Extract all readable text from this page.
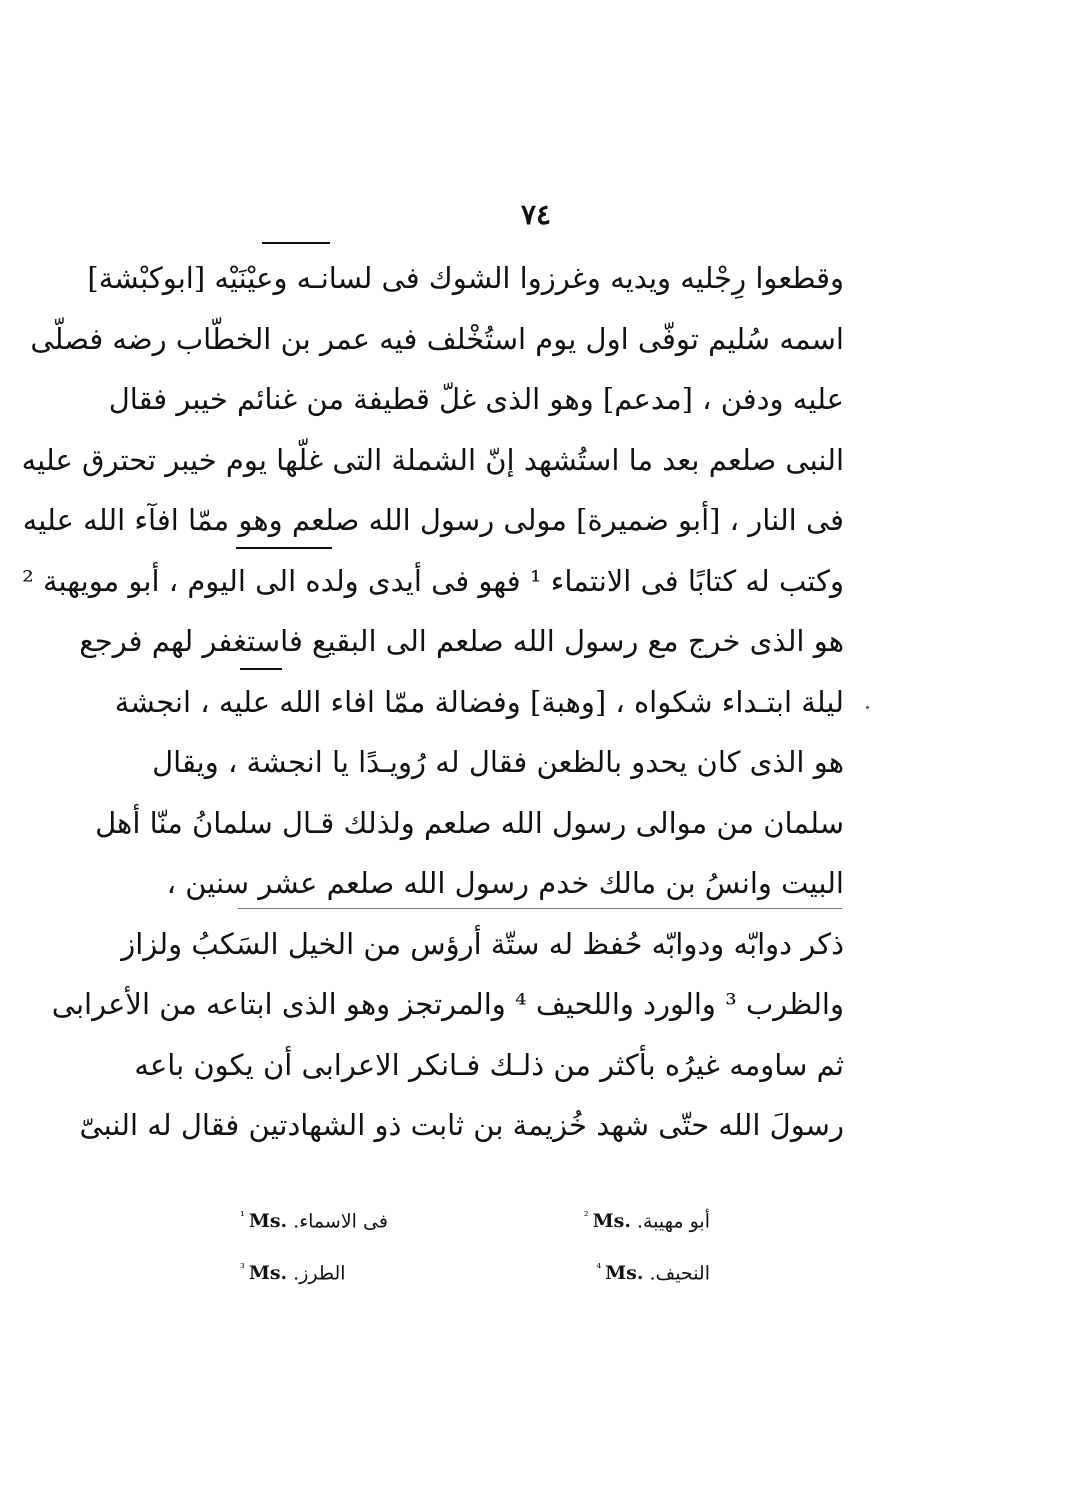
٧٤
وقطعوا رِجْليه ويديه وغرزوا الشوك فى لسانـه وعيْنَيْه [ابوكبْشة]
اسمه سُليم توفّى اول يوم استُخْلف فيه عمر بن الخطّاب رضه فصلّى
عليه ودفن ، [مدعم] وهو الذى غلّ قطيفة من غنائم خيبر فقال
النبى صلعم بعد ما استُشهد إنّ الشملة التى غلّها يوم خيبر تحترق عليه
فى النار ، [أبو ضميرة] مولى رسول الله صلعم وهو ممّا افآء الله عليه
وكتب له كتابًا فى الانتماء ¹ فهو فى أيدى ولده الى اليوم ، أبو مويهبة ²
هو الذى خرج مع رسول الله صلعم الى البقيع فاستغفر لهم فرجع
ليلة ابتـداء شكواه ، [وهبة] وفضالة ممّا افاء الله عليه ، انجشة
هو الذى كان يحدو بالظعن فقال له رُويـدًا يا انجشة ، ويقال
سلمان من موالى رسول الله صلعم ولذلك قـال سلمانُ منّا أهل
البيت وانسُ بن مالك خدم رسول الله صلعم عشر سنين ،
ذكر دوابّه ودوابّه حُفظ له ستّة أرؤس من الخيل السَكبُ ولزاز
والظرب ³ والورد واللحيف ⁴ والمرتجز وهو الذى ابتاعه من الأعرابى
ثم ساومه غيرُه بأكثر من ذلـك فـانكر الاعرابى أن يكون باعه
رسولَ الله حتّى شهد خُزيمة بن ثابت ذو الشهادتين فقال له النبىّ
$^{^1}$ Ms. فى الاسماء.	$^{^2}$ Ms. أبو مهيبة.
$^{^3}$ Ms. الطرز.	$^{^4}$ Ms. النحيف.
